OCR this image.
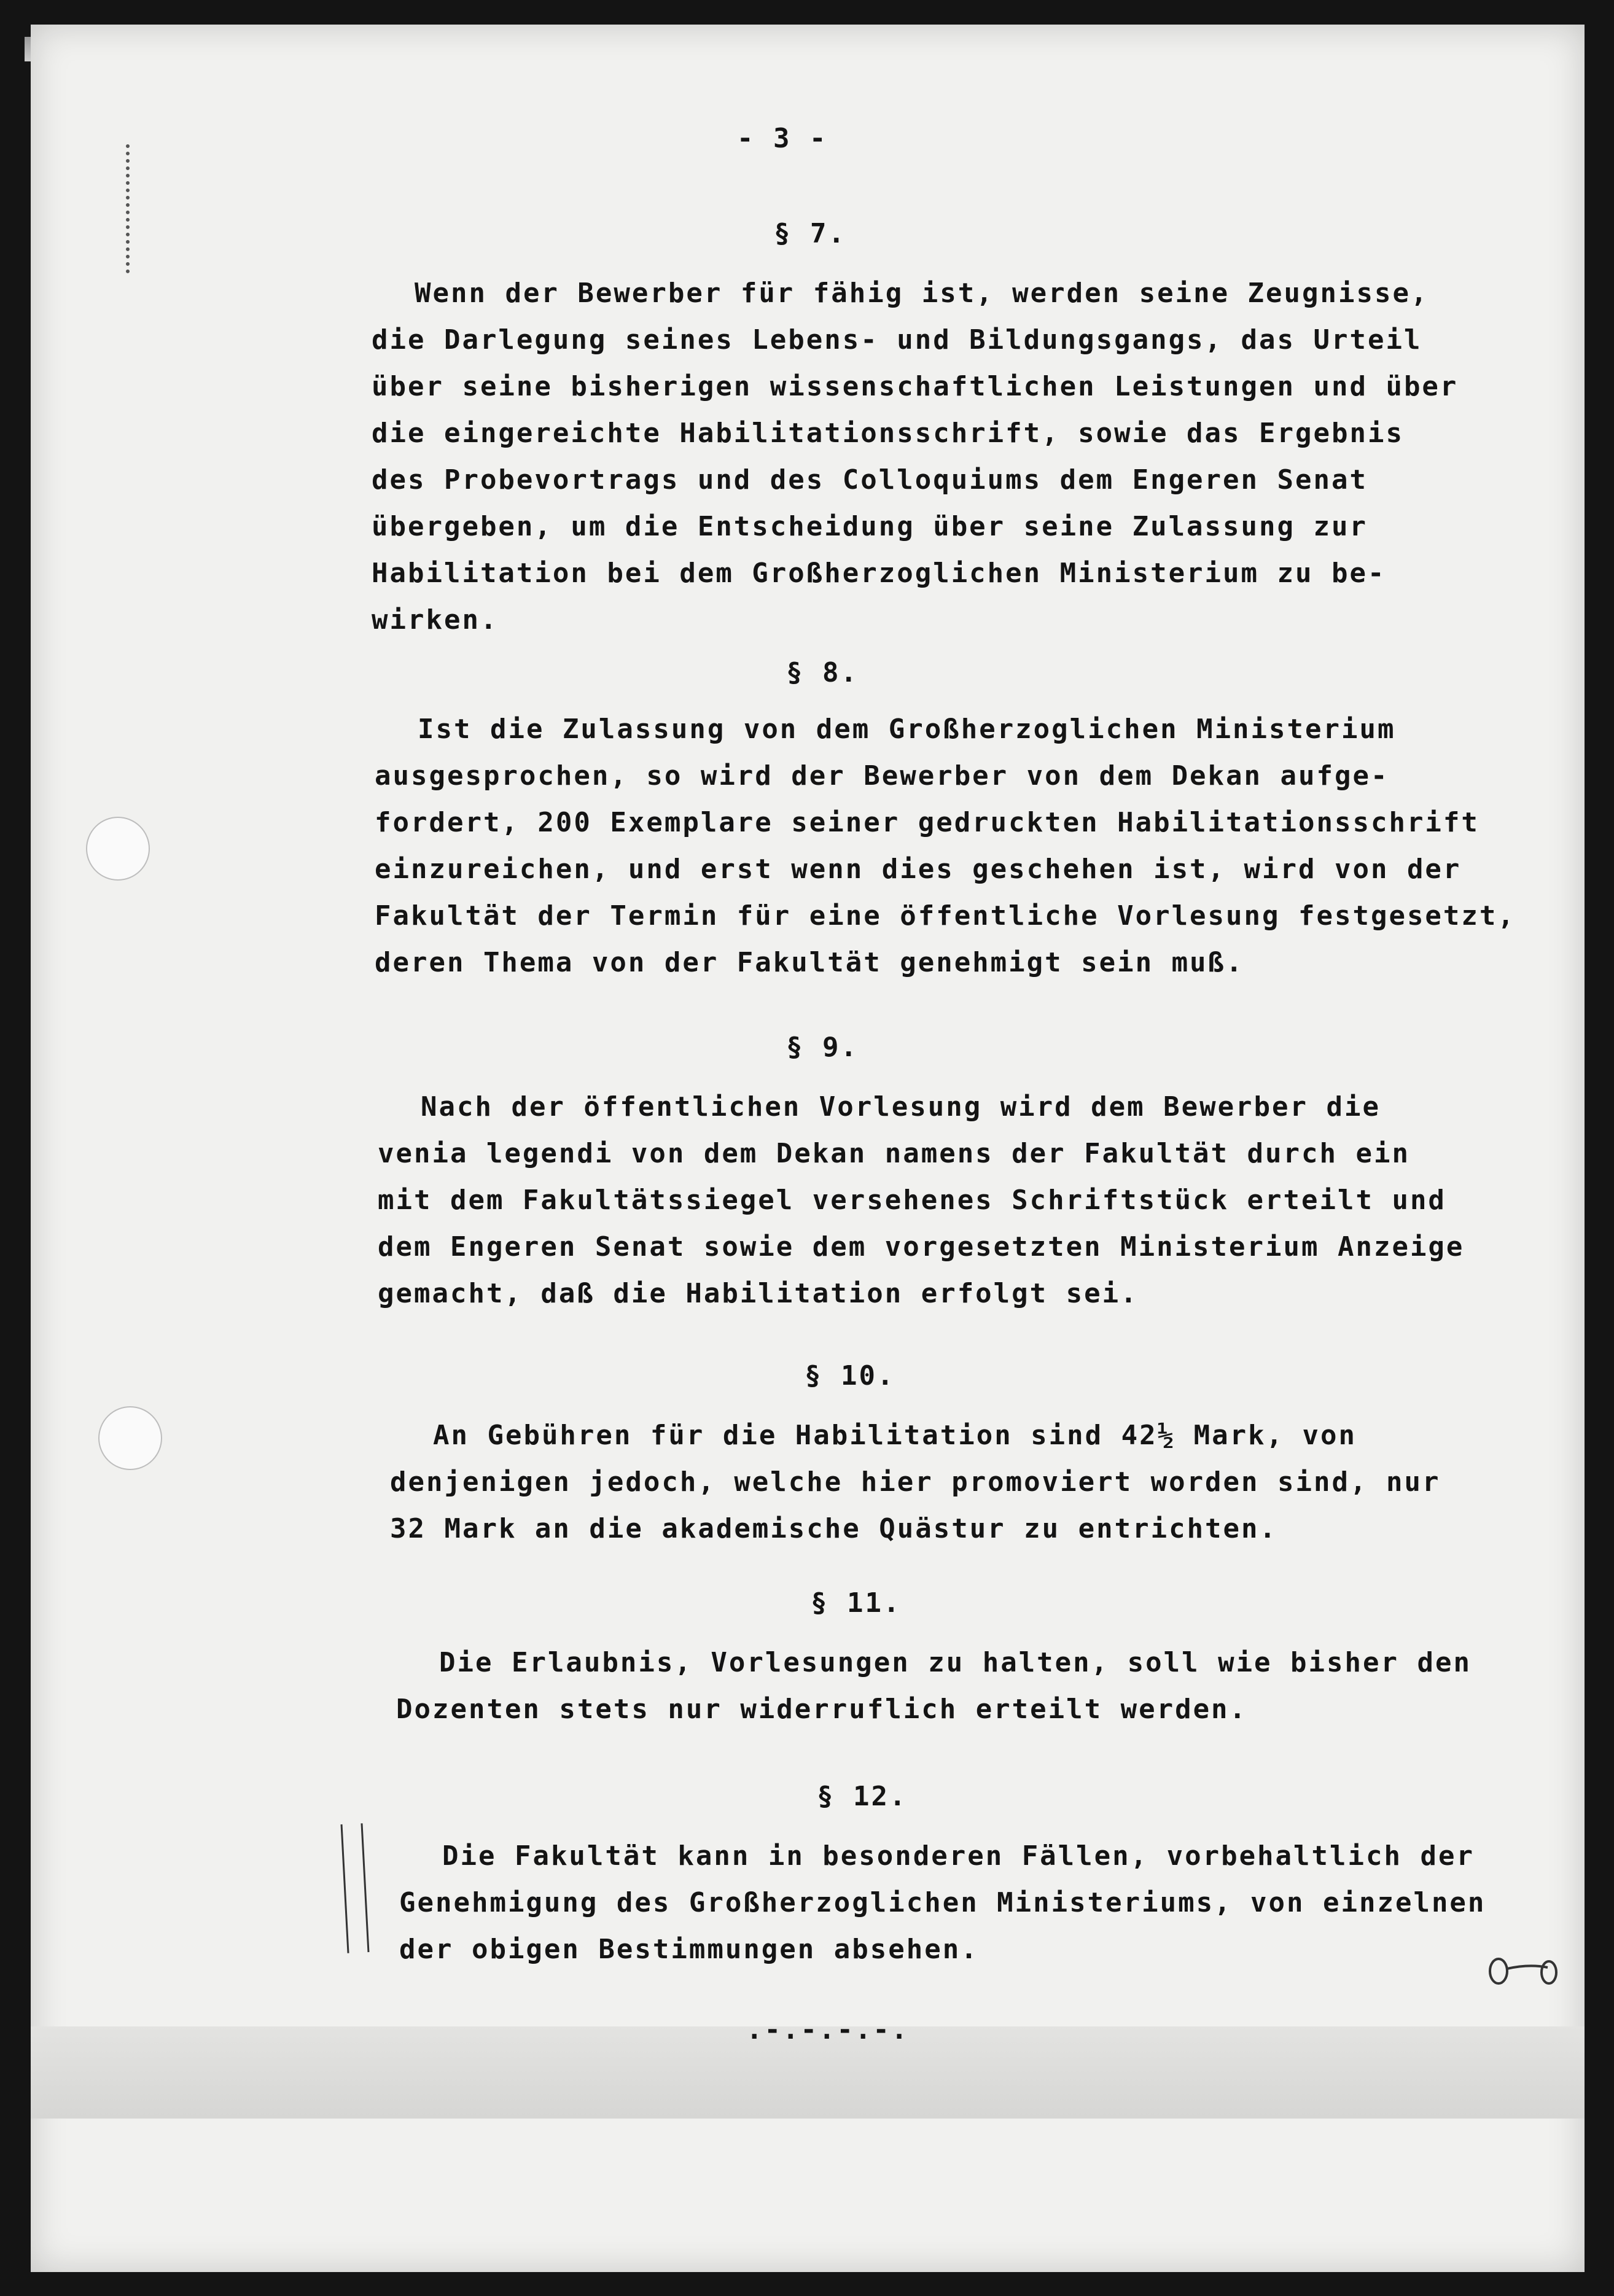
- 3 -
§ 7.
Wenn der Bewerber für fähig ist, werden seine Zeugnisse,
die Darlegung seines Lebens- und Bildungsgangs, das Urteil
über seine bisherigen wissenschaftlichen Leistungen und über
die eingereichte Habilitationsschrift, sowie das Ergebnis
des Probevortrags und des Colloquiums dem Engeren Senat
übergeben, um die Entscheidung über seine Zulassung zur
Habilitation bei dem Großherzoglichen Ministerium zu be-
wirken.
§ 8.
Ist die Zulassung von dem Großherzoglichen Ministerium
ausgesprochen, so wird der Bewerber von dem Dekan aufge-
fordert, 200 Exemplare seiner gedruckten Habilitationsschrift
einzureichen, und erst wenn dies geschehen ist, wird von der
Fakultät der Termin für eine öffentliche Vorlesung festgesetzt,
deren Thema von der Fakultät genehmigt sein muß.
§ 9.
Nach der öffentlichen Vorlesung wird dem Bewerber die
venia legendi von dem Dekan namens der Fakultät durch ein
mit dem Fakultätssiegel versehenes Schriftstück erteilt und
dem Engeren Senat sowie dem vorgesetzten Ministerium Anzeige
gemacht, daß die Habilitation erfolgt sei.
§ 10.
An Gebühren für die Habilitation sind 42½ Mark, von
denjenigen jedoch, welche hier promoviert worden sind, nur
32 Mark an die akademische Quästur zu entrichten.
§ 11.
Die Erlaubnis, Vorlesungen zu halten, soll wie bisher den
Dozenten stets nur widerruflich erteilt werden.
§ 12.
Die Fakultät kann in besonderen Fällen, vorbehaltlich der
Genehmigung des Großherzoglichen Ministeriums, von einzelnen
der obigen Bestimmungen absehen.
O—O
.-.-.-.-.
